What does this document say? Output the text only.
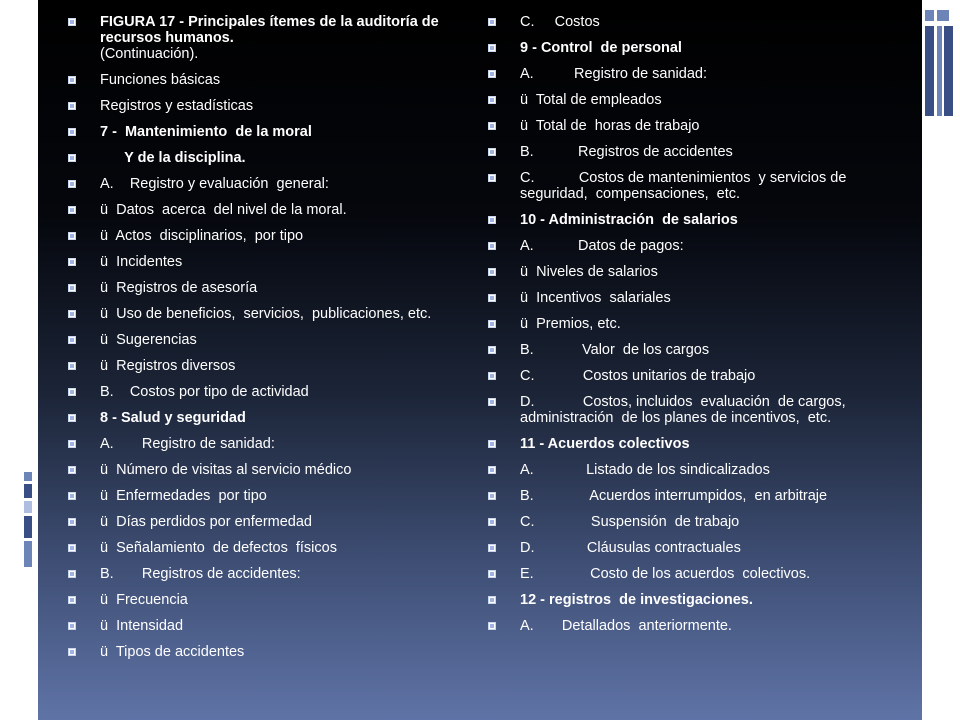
FIGURA 17 - Principales ítemes de la auditoría de recursos humanos.
(Continuación).
Funciones básicas
Registros y estadísticas
7 -  Mantenimiento  de la moral
Y de la disciplina.
A.    Registro y evaluación  general:
ü  Datos  acerca  del nivel de la moral.
ü  Actos  disciplinarios,  por tipo
ü  Incidentes
ü  Registros de asesoría
ü  Uso de beneficios,  servicios,  publicaciones, etc.
ü  Sugerencias
ü  Registros diversos
B.    Costos por tipo de actividad
8 - Salud y seguridad
A.       Registro de sanidad:
ü  Número de visitas al servicio médico
ü  Enfermedades  por tipo
ü  Días perdidos por enfermedad
ü  Señalamiento  de defectos  físicos
B.       Registros de accidentes:
ü  Frecuencia
ü  Intensidad
ü  Tipos de accidentes
C.     Costos
9 - Control  de personal
A.          Registro de sanidad:
ü  Total de empleados
ü  Total de  horas de trabajo
B.           Registros de accidentes
C.           Costos de mantenimientos  y servicios de seguridad,  compensaciones,  etc.
10 - Administración  de salarios
A.           Datos de pagos:
ü  Niveles de salarios
ü  Incentivos  salariales
ü  Premios, etc.
B.            Valor  de los cargos
C.            Costos unitarios de trabajo
D.            Costos, incluidos  evaluación  de cargos, administración  de los planes de incentivos,  etc.
11 - Acuerdos colectivos
A.             Listado de los sindicalizados
B.              Acuerdos interrumpidos,  en arbitraje
C.              Suspensión  de trabajo
D.             Cláusulas contractuales
E.              Costo de los acuerdos  colectivos.
12 - registros  de investigaciones.
A.       Detallados  anteriormente.
